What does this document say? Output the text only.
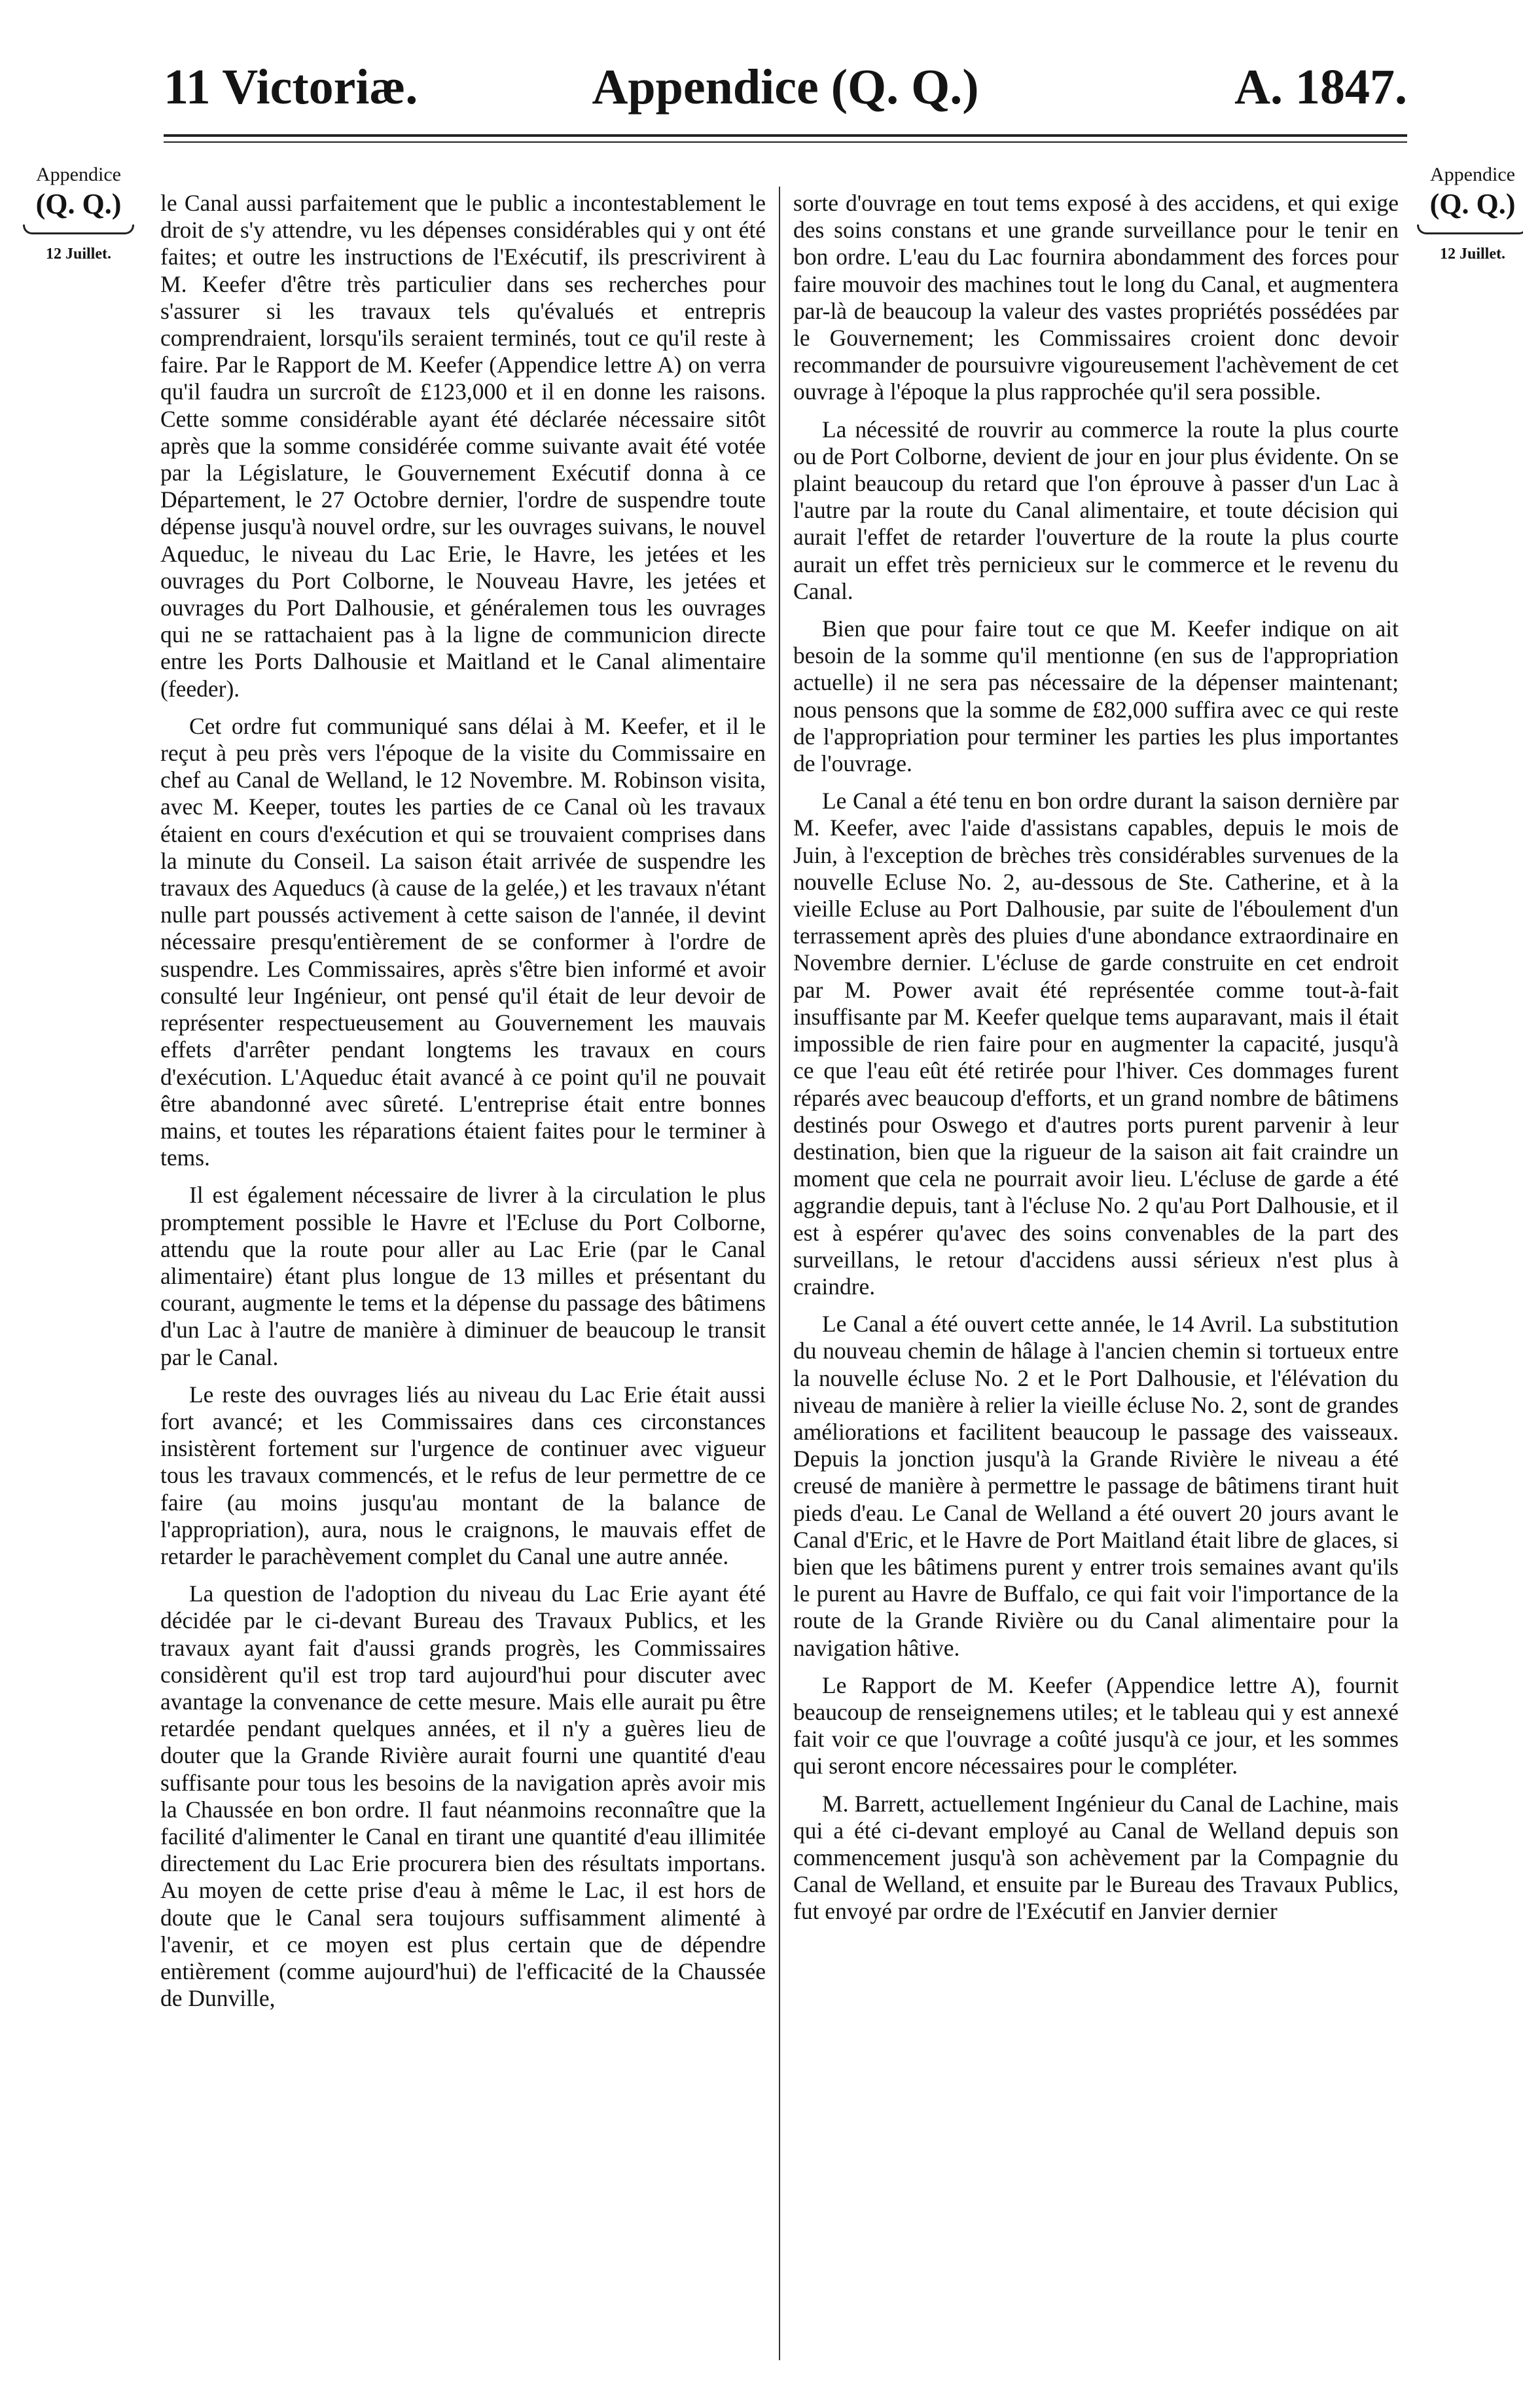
11 Victoriæ.	Appendice (Q. Q.)	A. 1847.
Appendice
(Q. Q.)
12 Juillet.
Appendice
(Q. Q.)
12 Juillet.

le Canal aussi parfaitement que le public a incontestablement le droit de s'y attendre, vu les dépenses considérables qui y ont été faites; et outre les instructions de l'Exécutif, ils prescrivirent à M. Keefer d'être très particulier dans ses recherches pour s'assurer si les travaux tels qu'évalués et entrepris comprendraient, lorsqu'ils seraient terminés, tout ce qu'il reste à faire. Par le Rapport de M. Keefer (Appendice lettre A) on verra qu'il faudra un surcroît de £123,000 et il en donne les raisons. Cette somme considérable ayant été déclarée nécessaire sitôt après que la somme considérée comme suivante avait été votée par la Législature, le Gouvernement Exécutif donna à ce Département, le 27 Octobre dernier, l'ordre de suspendre toute dépense jusqu'à nouvel ordre, sur les ouvrages suivans, le nouvel Aqueduc, le niveau du Lac Erie, le Havre, les jetées et les ouvrages du Port Colborne, le Nouveau Havre, les jetées et ouvrages du Port Dalhousie, et généralemen tous les ouvrages qui ne se rattachaient pas à la ligne de communicion directe entre les Ports Dalhousie et Maitland et le Canal alimentaire (feeder).

Cet ordre fut communiqué sans délai à M. Keefer, et il le reçut à peu près vers l'époque de la visite du Commissaire en chef au Canal de Welland, le 12 Novembre. M. Robinson visita, avec M. Keeper, toutes les parties de ce Canal où les travaux étaient en cours d'exécution et qui se trouvaient comprises dans la minute du Conseil. La saison était arrivée de suspendre les travaux des Aqueducs (à cause de la gelée,) et les travaux n'étant nulle part poussés activement à cette saison de l'année, il devint nécessaire presqu'entièrement de se conformer à l'ordre de suspendre. Les Commissaires, après s'être bien informé et avoir consulté leur Ingénieur, ont pensé qu'il était de leur devoir de représenter respectueusement au Gouvernement les mauvais effets d'arrêter pendant longtems les travaux en cours d'exécution. L'Aqueduc était avancé à ce point qu'il ne pouvait être abandonné avec sûreté. L'entreprise était entre bonnes mains, et toutes les réparations étaient faites pour le terminer à tems.

Il est également nécessaire de livrer à la circulation le plus promptement possible le Havre et l'Ecluse du Port Colborne, attendu que la route pour aller au Lac Erie (par le Canal alimentaire) étant plus longue de 13 milles et présentant du courant, augmente le tems et la dépense du passage des bâtimens d'un Lac à l'autre de manière à diminuer de beaucoup le transit par le Canal.

Le reste des ouvrages liés au niveau du Lac Erie était aussi fort avancé; et les Commissaires dans ces circonstances insistèrent fortement sur l'urgence de continuer avec vigueur tous les travaux commencés, et le refus de leur permettre de ce faire (au moins jusqu'au montant de la balance de l'appropriation), aura, nous le craignons, le mauvais effet de retarder le parachèvement complet du Canal une autre année.

La question de l'adoption du niveau du Lac Erie ayant été décidée par le ci-devant Bureau des Travaux Publics, et les travaux ayant fait d'aussi grands progrès, les Commissaires considèrent qu'il est trop tard aujourd'hui pour discuter avec avantage la convenance de cette mesure. Mais elle aurait pu être retardée pendant quelques années, et il n'y a guères lieu de douter que la Grande Rivière aurait fourni une quantité d'eau suffisante pour tous les besoins de la navigation après avoir mis la Chaussée en bon ordre. Il faut néanmoins reconnaître que la facilité d'alimenter le Canal en tirant une quantité d'eau illimitée directement du Lac Erie procurera bien des résultats importans. Au moyen de cette prise d'eau à même le Lac, il est hors de doute que le Canal sera toujours suffisamment alimenté à l'avenir, et ce moyen est plus certain que de dépendre entièrement (comme aujourd'hui) de l'efficacité de la Chaussée de Dunville,

sorte d'ouvrage en tout tems exposé à des accidens, et qui exige des soins constans et une grande surveillance pour le tenir en bon ordre. L'eau du Lac fournira abondamment des forces pour faire mouvoir des machines tout le long du Canal, et augmentera par-là de beaucoup la valeur des vastes propriétés possédées par le Gouvernement; les Commissaires croient donc devoir recommander de poursuivre vigoureusement l'achèvement de cet ouvrage à l'époque la plus rapprochée qu'il sera possible.

La nécessité de rouvrir au commerce la route la plus courte ou de Port Colborne, devient de jour en jour plus évidente. On se plaint beaucoup du retard que l'on éprouve à passer d'un Lac à l'autre par la route du Canal alimentaire, et toute décision qui aurait l'effet de retarder l'ouverture de la route la plus courte aurait un effet très pernicieux sur le commerce et le revenu du Canal.

Bien que pour faire tout ce que M. Keefer indique on ait besoin de la somme qu'il mentionne (en sus de l'appropriation actuelle) il ne sera pas nécessaire de la dépenser maintenant; nous pensons que la somme de £82,000 suffira avec ce qui reste de l'appropriation pour terminer les parties les plus importantes de l'ouvrage.

Le Canal a été tenu en bon ordre durant la saison dernière par M. Keefer, avec l'aide d'assistans capables, depuis le mois de Juin, à l'exception de brèches très considérables survenues de la nouvelle Ecluse No. 2, au-dessous de Ste. Catherine, et à la vieille Ecluse au Port Dalhousie, par suite de l'éboulement d'un terrassement après des pluies d'une abondance extraordinaire en Novembre dernier. L'écluse de garde construite en cet endroit par M. Power avait été représentée comme tout-à-fait insuffisante par M. Keefer quelque tems auparavant, mais il était impossible de rien faire pour en augmenter la capacité, jusqu'à ce que l'eau eût été retirée pour l'hiver. Ces dommages furent réparés avec beaucoup d'efforts, et un grand nombre de bâtimens destinés pour Oswego et d'autres ports purent parvenir à leur destination, bien que la rigueur de la saison ait fait craindre un moment que cela ne pourrait avoir lieu. L'écluse de garde a été aggrandie depuis, tant à l'écluse No. 2 qu'au Port Dalhousie, et il est à espérer qu'avec des soins convenables de la part des surveillans, le retour d'accidens aussi sérieux n'est plus à craindre.

Le Canal a été ouvert cette année, le 14 Avril. La substitution du nouveau chemin de hâlage à l'ancien chemin si tortueux entre la nouvelle écluse No. 2 et le Port Dalhousie, et l'élévation du niveau de manière à relier la vieille écluse No. 2, sont de grandes améliorations et facilitent beaucoup le passage des vaisseaux. Depuis la jonction jusqu'à la Grande Rivière le niveau a été creusé de manière à permettre le passage de bâtimens tirant huit pieds d'eau. Le Canal de Welland a été ouvert 20 jours avant le Canal d'Eric, et le Havre de Port Maitland était libre de glaces, si bien que les bâtimens purent y entrer trois semaines avant qu'ils le purent au Havre de Buffalo, ce qui fait voir l'importance de la route de la Grande Rivière ou du Canal alimentaire pour la navigation hâtive.

Le Rapport de M. Keefer (Appendice lettre A), fournit beaucoup de renseignemens utiles; et le tableau qui y est annexé fait voir ce que l'ouvrage a coûté jusqu'à ce jour, et les sommes qui seront encore nécessaires pour le compléter.

M. Barrett, actuellement Ingénieur du Canal de Lachine, mais qui a été ci-devant employé au Canal de Welland depuis son commencement jusqu'à son achèvement par la Compagnie du Canal de Welland, et ensuite par le Bureau des Travaux Publics, fut envoyé par ordre de l'Exécutif en Janvier dernier
